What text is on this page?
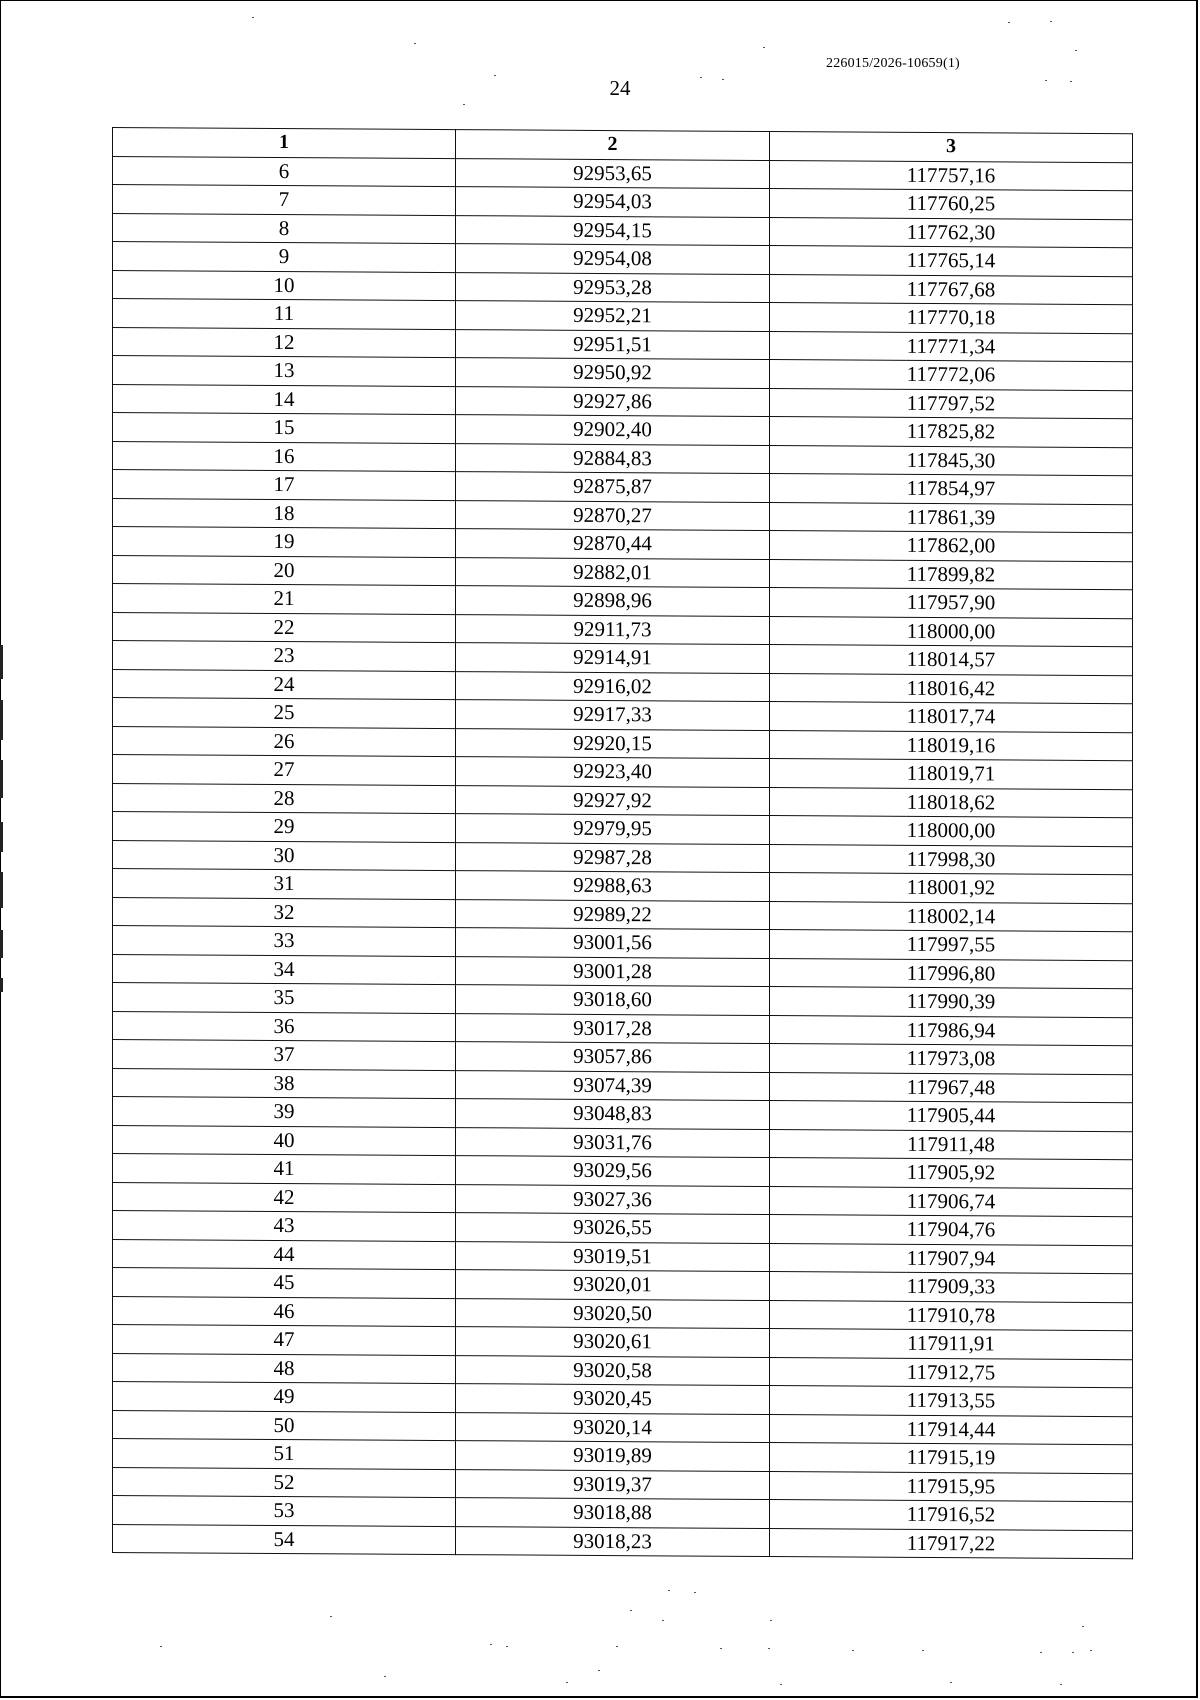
226015/2026-10659(1)
24
1	2	3
6	92953,65	117757,16
7	92954,03	117760,25
8	92954,15	117762,30
9	92954,08	117765,14
10	92953,28	117767,68
11	92952,21	117770,18
12	92951,51	117771,34
13	92950,92	117772,06
14	92927,86	117797,52
15	92902,40	117825,82
16	92884,83	117845,30
17	92875,87	117854,97
18	92870,27	117861,39
19	92870,44	117862,00
20	92882,01	117899,82
21	92898,96	117957,90
22	92911,73	118000,00
23	92914,91	118014,57
24	92916,02	118016,42
25	92917,33	118017,74
26	92920,15	118019,16
27	92923,40	118019,71
28	92927,92	118018,62
29	92979,95	118000,00
30	92987,28	117998,30
31	92988,63	118001,92
32	92989,22	118002,14
33	93001,56	117997,55
34	93001,28	117996,80
35	93018,60	117990,39
36	93017,28	117986,94
37	93057,86	117973,08
38	93074,39	117967,48
39	93048,83	117905,44
40	93031,76	117911,48
41	93029,56	117905,92
42	93027,36	117906,74
43	93026,55	117904,76
44	93019,51	117907,94
45	93020,01	117909,33
46	93020,50	117910,78
47	93020,61	117911,91
48	93020,58	117912,75
49	93020,45	117913,55
50	93020,14	117914,44
51	93019,89	117915,19
52	93019,37	117915,95
53	93018,88	117916,52
54	93018,23	117917,22
